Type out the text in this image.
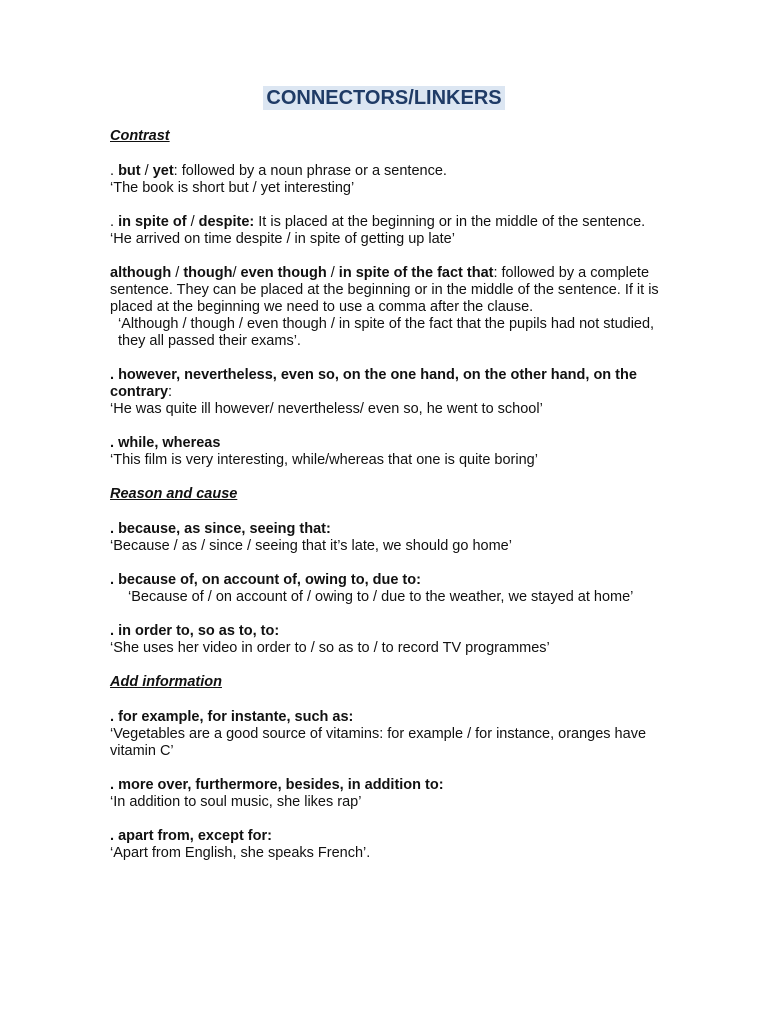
CONNECTORS/LINKERS
Contrast
. but / yet: followed by a noun phrase or a sentence.
‘The book is short but / yet interesting’
. in spite of / despite: It is placed at the beginning or in the middle of the sentence.
‘He arrived on time despite / in spite of getting up late’
although / though/ even though / in spite of the fact that: followed by a complete sentence. They can be placed at the beginning or in the middle of the sentence. If it is placed at the beginning we need to use a comma after the clause.
‘Although / though / even though / in spite of the fact that the pupils had not studied, they all passed their exams’.
. however, nevertheless, even so, on the one hand, on the other hand, on the contrary:
‘He was quite ill however/ nevertheless/ even so, he went to school’
. while, whereas
‘This film is very interesting, while/whereas that one is quite boring’
Reason and cause
. because, as since, seeing that:
‘Because / as / since / seeing that it’s late, we should go home’
. because of, on account of, owing to, due to:
‘Because of / on account of / owing to / due to the weather, we stayed at home’
. in order to, so as to, to:
‘She uses her video in order to / so as to / to record TV programmes’
Add information
. for example, for instante, such as:
‘Vegetables are a good source of vitamins: for example / for instance, oranges have vitamin C’
. more over, furthermore, besides, in addition to:
‘In addition to soul music, she likes rap’
. apart from, except for:
‘Apart from English, she speaks French’.
